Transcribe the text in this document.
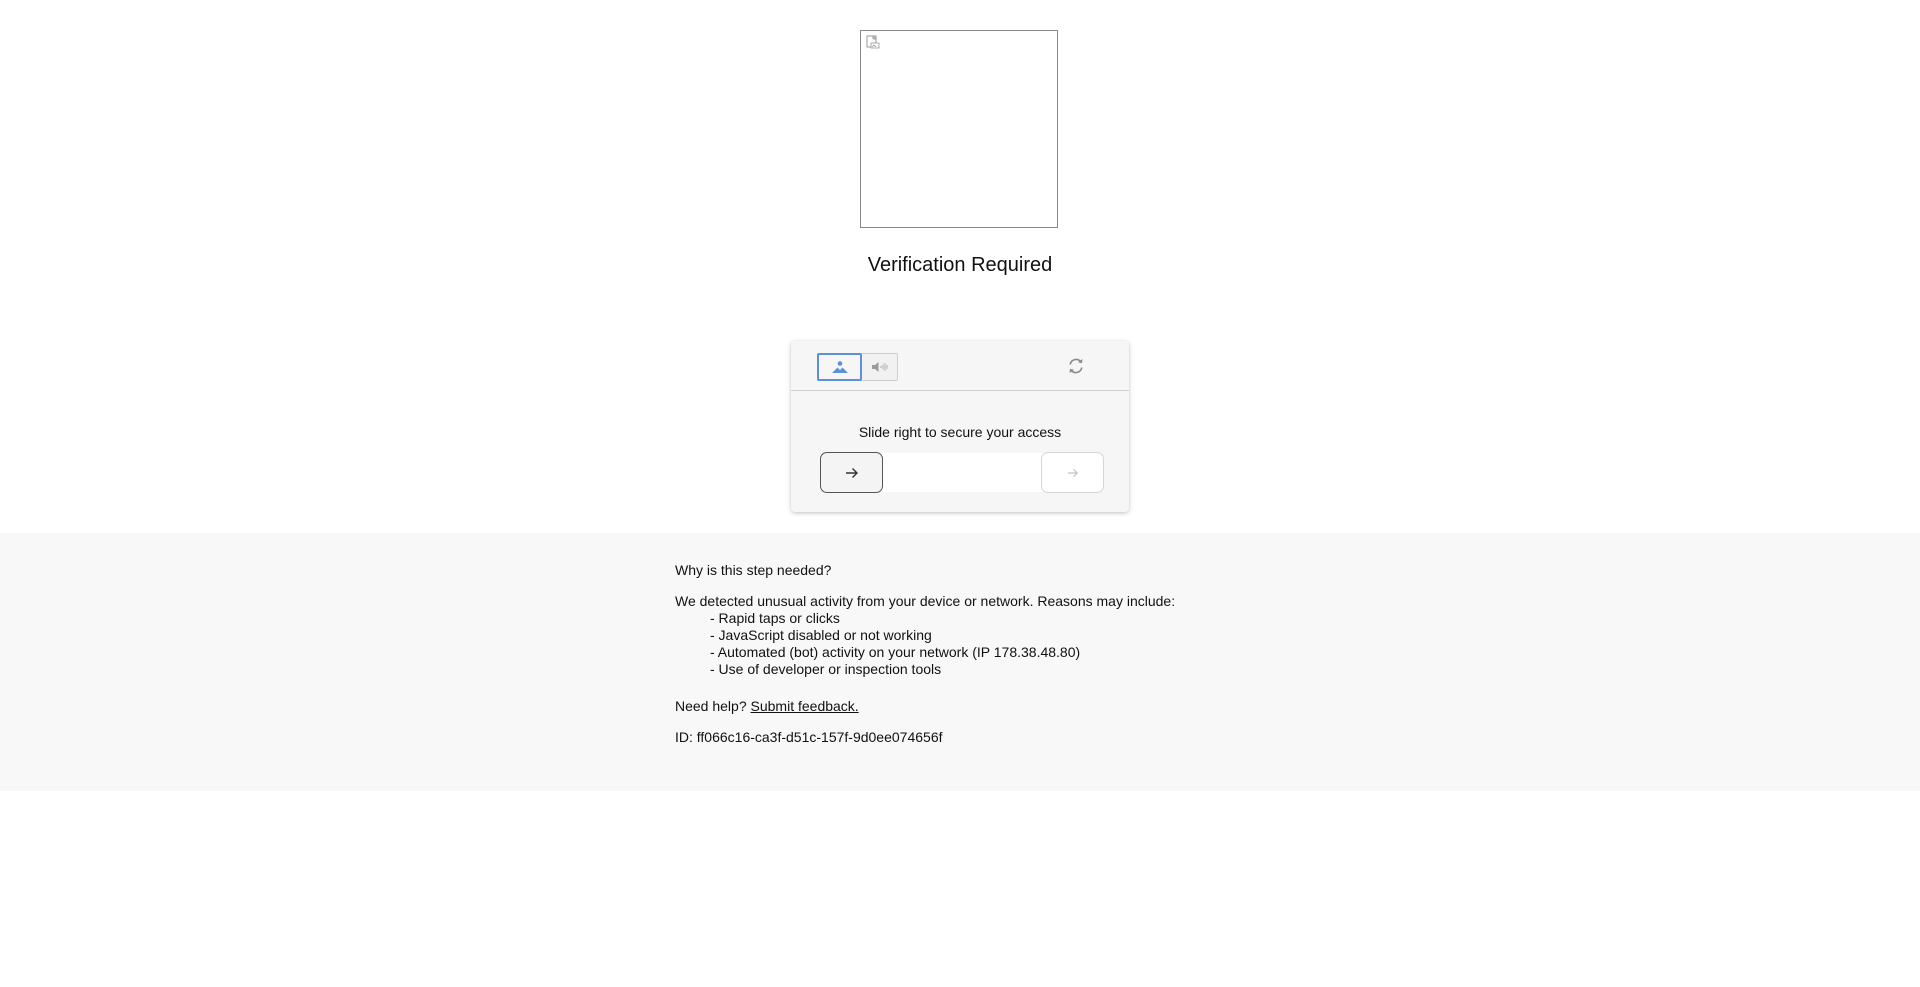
Verification Required
Slide right to secure your access

Why is this step needed?

We detected unusual activity from your device or network. Reasons may include:

- Rapid taps or clicks
- JavaScript disabled or not working
- Automated (bot) activity on your network (IP 178.38.48.80)
- Use of developer or inspection tools

Need help? Submit feedback.

ID: ff066c16-ca3f-d51c-157f-9d0ee074656f
